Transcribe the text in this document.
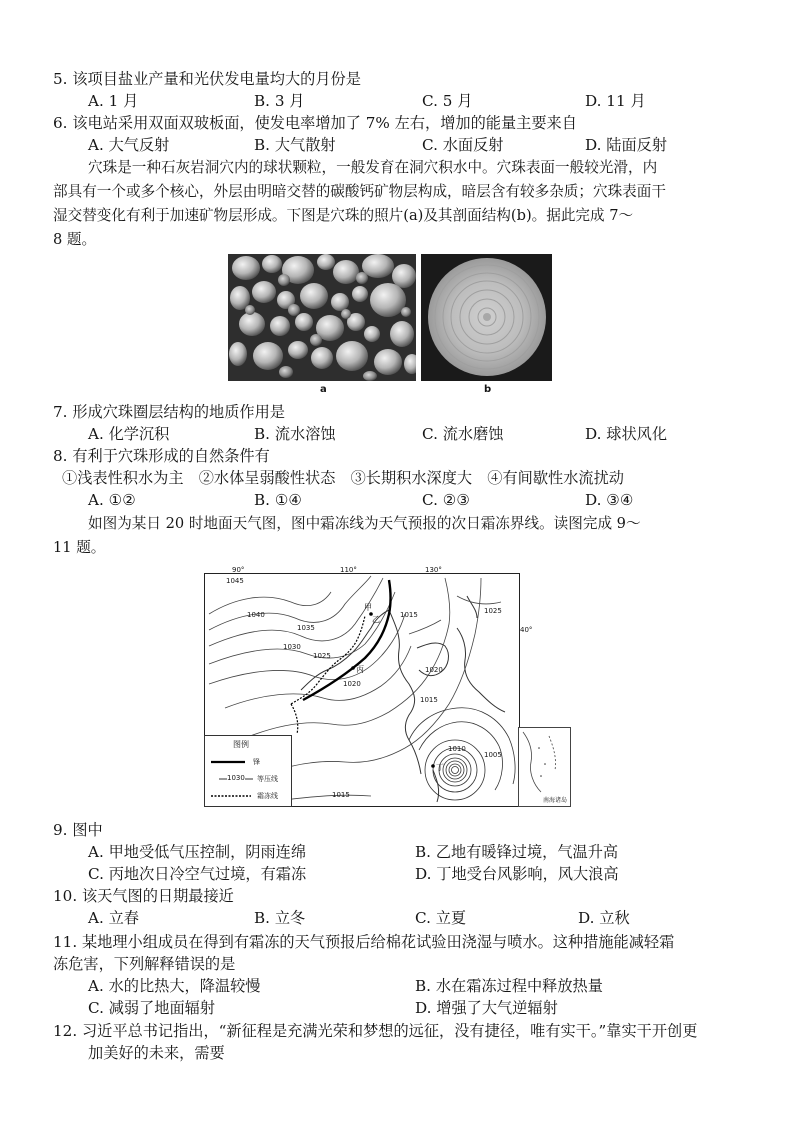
5. 该项目盐业产量和光伏发电量均大的月份是
A. 1 月	B. 3 月	C. 5 月	D. 11 月
6. 该电站采用双面双玻板面，使发电率增加了 7% 左右，增加的能量主要来自
A. 大气反射	B. 大气散射	C. 水面反射	D. 陆面反射
穴珠是一种石灰岩洞穴内的球状颗粒，一般发育在洞穴积水中。穴珠表面一般较光滑，内
部具有一个或多个核心，外层由明暗交替的碳酸钙矿物层构成，暗层含有较多杂质；穴珠表面干
湿交替变化有利于加速矿物层形成。下图是穴珠的照片(a)及其剖面结构(b)。据此完成 7～
8 题。
a	b
7. 形成穴珠圈层结构的地质作用是
A. 化学沉积	B. 流水溶蚀	C. 流水磨蚀	D. 球状风化
8. 有利于穴珠形成的自然条件有
①浅表性积水为主　②水体呈弱酸性状态　③长期积水深度大　④有间歇性水流扰动
A. ①②	B. ①④	C. ②③	D. ③④
如图为某日 20 时地面天气图，图中霜冻线为天气预报的次日霜冻界线。读图完成 9～
11 题。
90°	110°	130°
40°
1045
1040
1035
1030
1025
1020
1015	1025
1020
1015
1010
1005
1015
甲
乙
丙
丁
图例
锋
1030 等压线
霜冻线
南海诸岛
9. 图中
A. 甲地受低气压控制，阴雨连绵	B. 乙地有暖锋过境，气温升高
C. 丙地次日冷空气过境，有霜冻	D. 丁地受台风影响，风大浪高
10. 该天气图的日期最接近
A. 立春	B. 立冬	C. 立夏	D. 立秋
11. 某地理小组成员在得到有霜冻的天气预报后给棉花试验田浇湿与喷水。这种措施能减轻霜
冻危害，下列解释错误的是
A. 水的比热大，降温较慢	B. 水在霜冻过程中释放热量
C. 减弱了地面辐射	D. 增强了大气逆辐射
12. 习近平总书记指出，“新征程是充满光荣和梦想的远征，没有捷径，唯有实干。”靠实干开创更
加美好的未来，需要
